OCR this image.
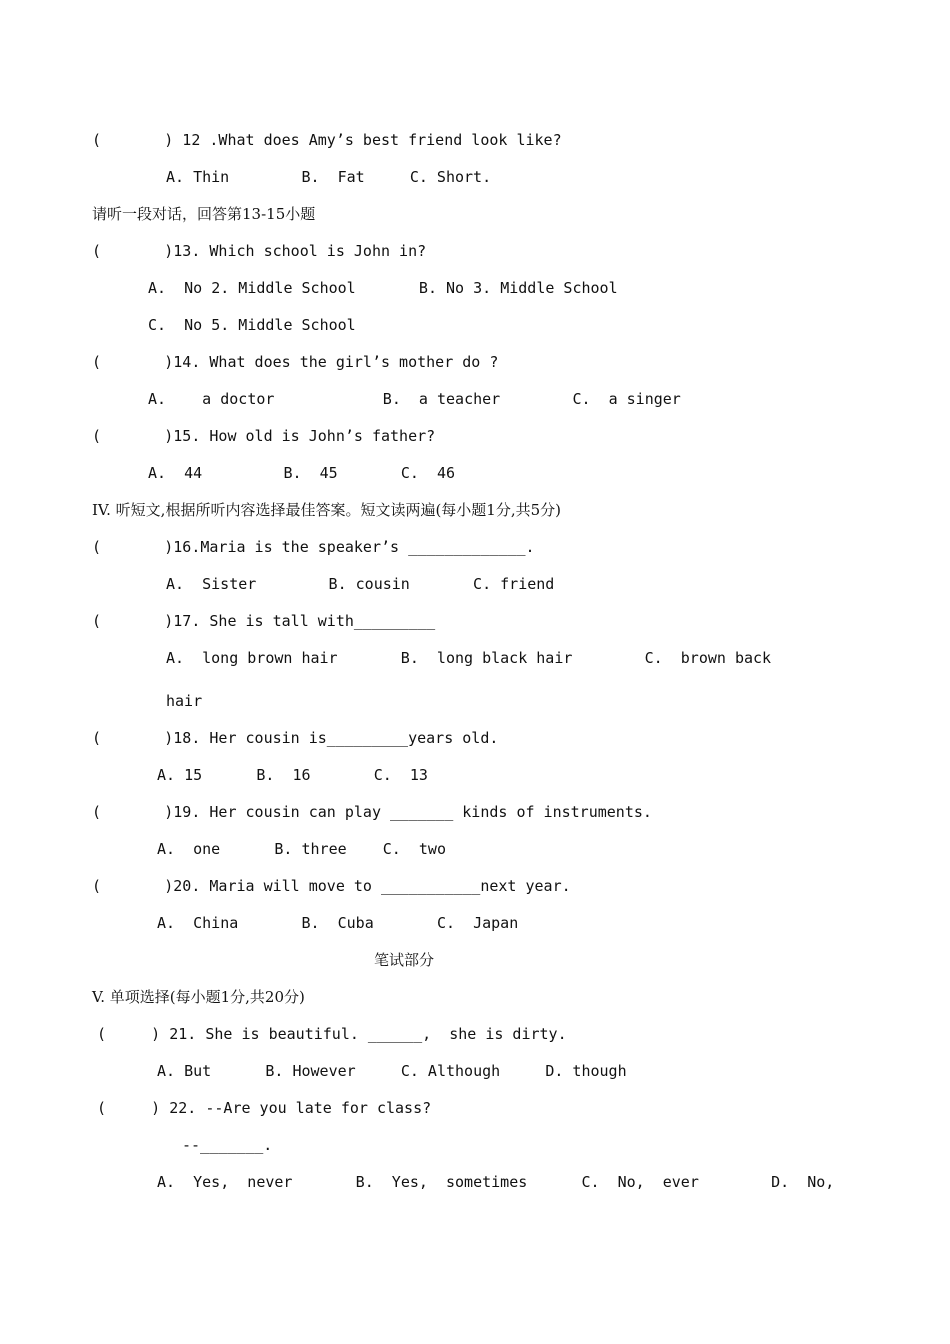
(       ) 12 .What does Amy’s best friend look like?
A. Thin        B.  Fat     C. Short.
请听一段对话，回答第13-15小题
(       )13. Which school is John in?
A.  No 2. Middle School       B. No 3. Middle School
C.  No 5. Middle School
(       )14. What does the girl’s mother do ?
A.    a doctor            B.  a teacher        C.  a singer
(       )15. How old is John’s father?
A.  44         B.  45       C.  46
IV. 听短文,根据所听内容选择最佳答案。短文读两遍(每小题1分,共5分)
(       )16.Maria is the speaker’s _____________.
A.  Sister        B. cousin       C. friend
(       )17. She is tall with_________
A.  long brown hair       B.  long black hair        C.  brown back
hair
(       )18. Her cousin is_________years old.
A. 15      B.  16       C.  13
(       )19. Her cousin can play _______ kinds of instruments.
A.  one      B. three    C.  two
(       )20. Maria will move to ___________next year.
A.  China       B.  Cuba       C.  Japan
笔试部分
V. 单项选择(每小题1分,共20分)
(     ) 21. She is beautiful. ______,  she is dirty.
A. But      B. However     C. Although     D. though
(     ) 22. --Are you late for class?
--_______.
A.  Yes,  never       B.  Yes,  sometimes      C.  No,  ever        D.  No,
